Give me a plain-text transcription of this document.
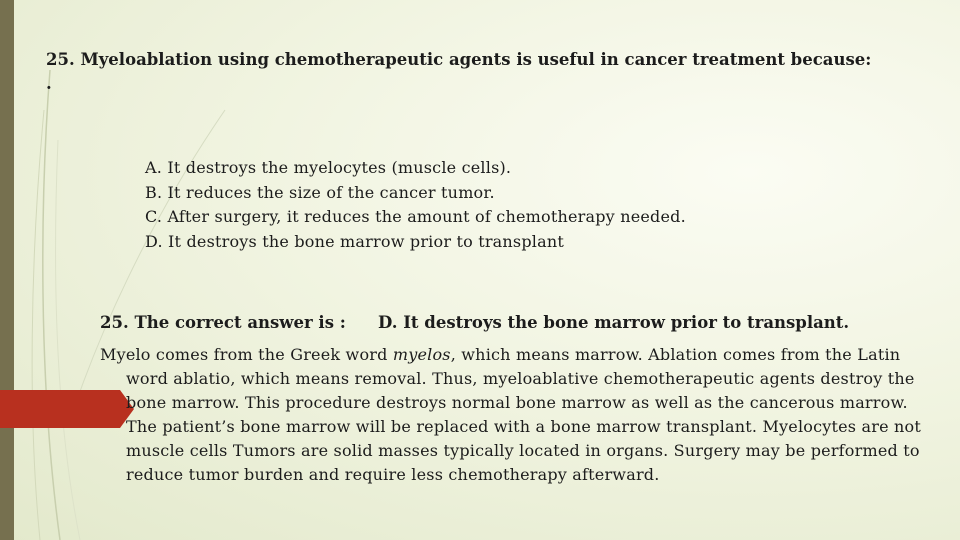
25. Myeloablation using chemotherapeutic agents is useful in cancer treatment because:
.
A. It destroys the myelocytes (muscle cells).
B. It reduces the size of the cancer tumor.
C. After surgery, it reduces the amount of chemotherapy needed.
D. It destroys the bone marrow prior to transplant
25. The correct answer is : D. It destroys the bone marrow prior to transplant.
Myelo comes from the Greek word myelos, which means marrow. Ablation comes from the Latin word ablatio, which means removal. Thus, myeloablative chemotherapeutic agents destroy the bone marrow. This procedure destroys normal bone marrow as well as the cancerous marrow. The patient’s bone marrow will be replaced with a bone marrow transplant. Myelocytes are not muscle cells Tumors are solid masses typically located in organs. Surgery may be performed to reduce tumor burden and require less chemotherapy afterward.
